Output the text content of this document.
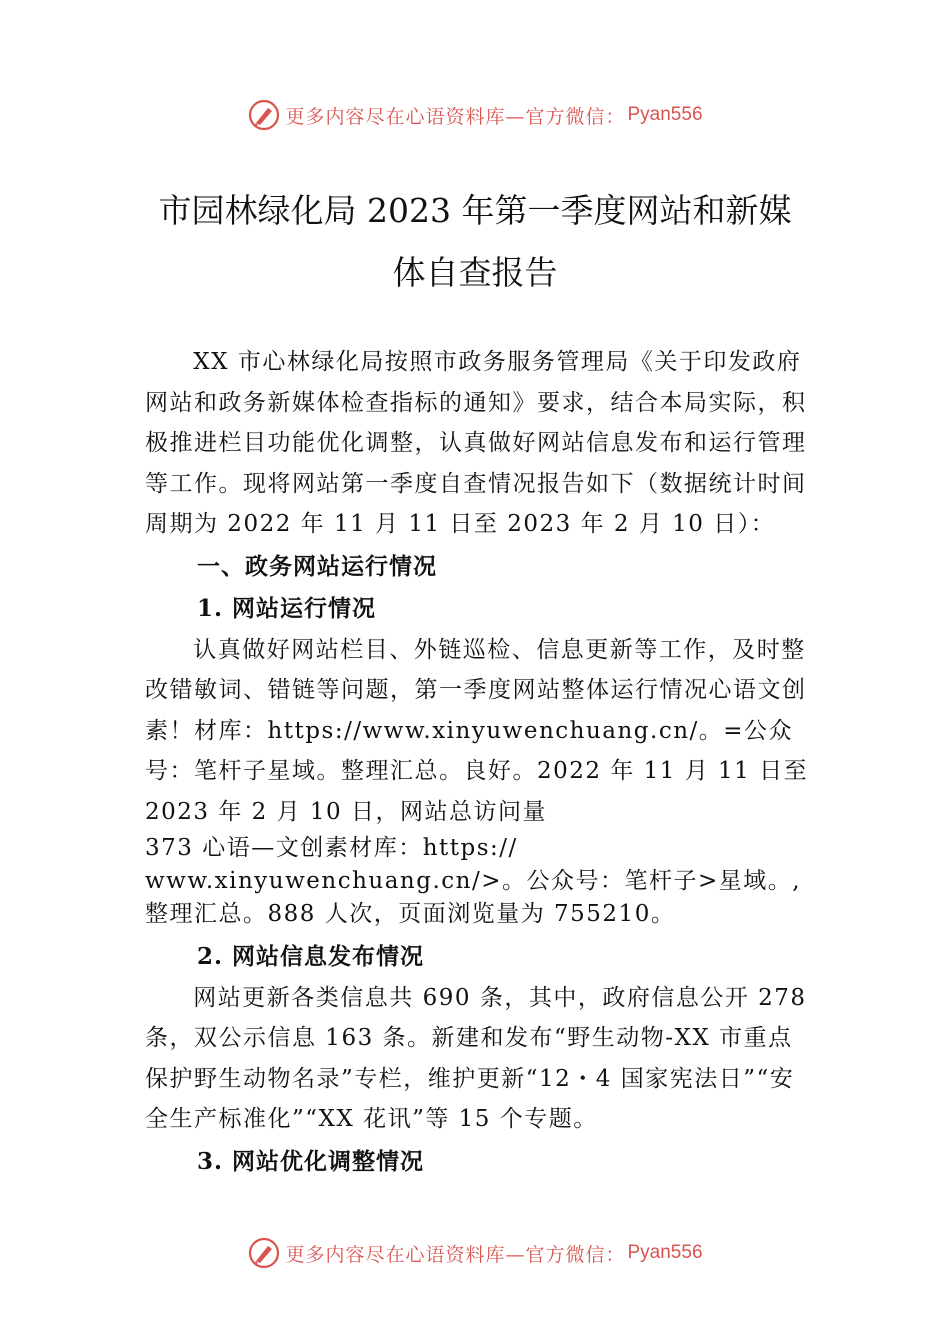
更多内容尽在心语资料库—官方微信： Pyan556
市园林绿化局 2023 年第一季度网站和新媒
体自查报告

XX 市心林绿化局按照市政务服务管理局《关于印发政府网站和政务新媒体检查指标的通知》要求，结合本局实际，积极推进栏目功能优化调整，认真做好网站信息发布和运行管理等工作。现将网站第一季度自查情况报告如下（数据统计时间周期为 2022 年 11 月 11 日至 2023 年 2 月 10 日）：

一、政务网站运行情况

1. 网站运行情况

认真做好网站栏目、外链巡检、信息更新等工作，及时整改错敏词、错链等问题，第一季度网站整体运行情况心语文创素！材库：https://www.xinyuwenchuang.cn/。=公众号：笔杆子星域。整理汇总。良好。2022 年 11 月 11 日至 2023 年 2 月 10 日，网站总访问量

373 心语—文创素材库：https://

www.xinyuwenchuang.cn/>。公众号：笔杆子>星域。,整理汇总。888 人次，页面浏览量为 755210。

2. 网站信息发布情况

网站更新各类信息共 690 条，其中，政府信息公开 278 条，双公示信息 163 条。新建和发布“野生动物-XX 市重点保护野生动物名录”专栏，维护更新“12・4 国家宪法日”“安全生产标准化”“XX 花讯”等 15 个专题。

3. 网站优化调整情况

更多内容尽在心语资料库—官方微信： Pyan556
